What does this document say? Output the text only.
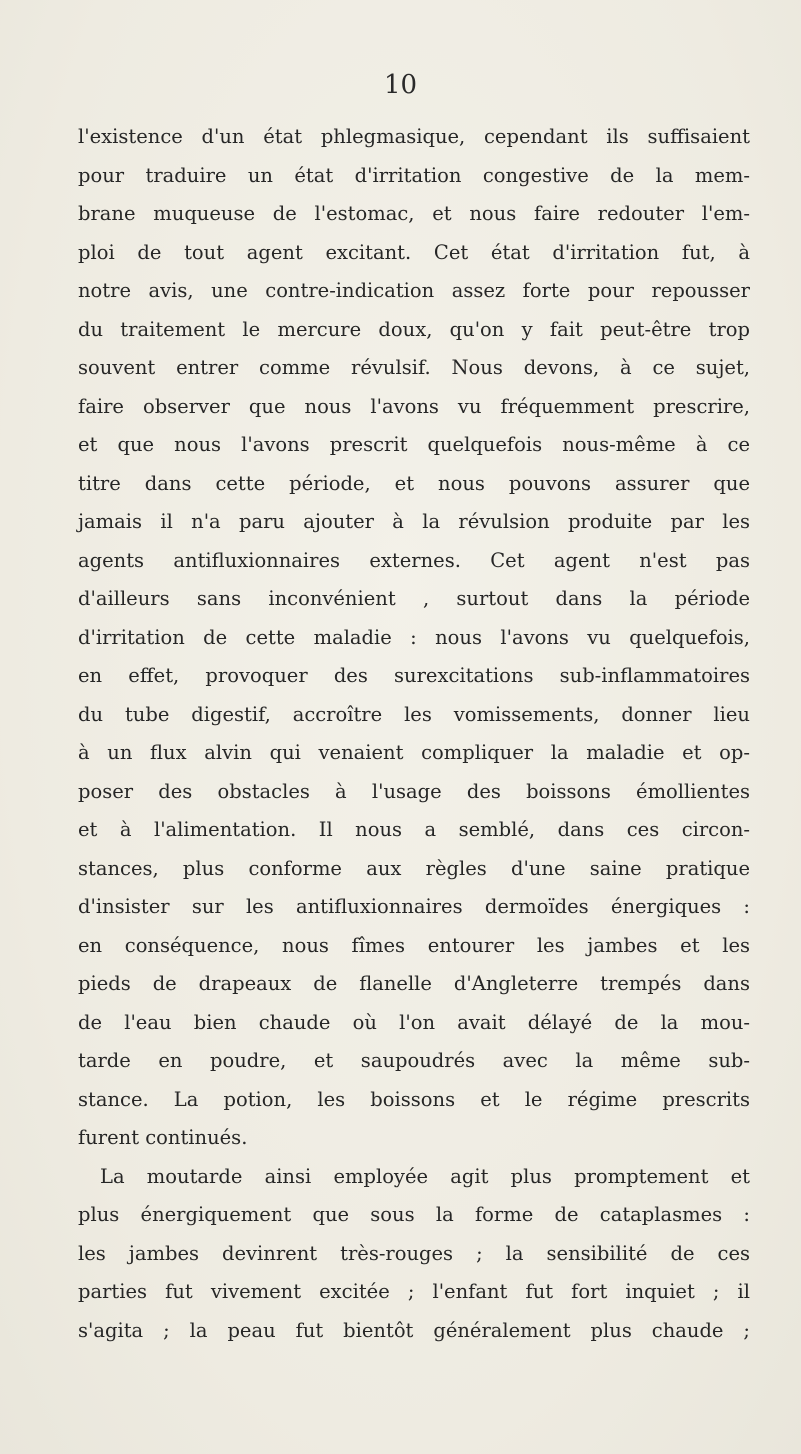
10
l'existence d'un état phlegmasique, cependant ils suffisaient
pour traduire un état d'irritation congestive de la mem-
brane muqueuse de l'estomac, et nous faire redouter l'em-
ploi de tout agent excitant. Cet état d'irritation fut, à
notre avis, une contre-indication assez forte pour repousser
du traitement le mercure doux, qu'on y fait peut-être trop
souvent entrer comme révulsif. Nous devons, à ce sujet,
faire observer que nous l'avons vu fréquemment prescrire,
et que nous l'avons prescrit quelquefois nous-même à ce
titre dans cette période, et nous pouvons assurer que
jamais il n'a paru ajouter à la révulsion produite par les
agents antifluxionnaires externes. Cet agent n'est pas
d'ailleurs sans inconvénient , surtout dans la période
d'irritation de cette maladie : nous l'avons vu quelquefois,
en effet, provoquer des surexcitations sub-inflammatoires
du tube digestif, accroître les vomissements, donner lieu
à un flux alvin qui venaient compliquer la maladie et op-
poser des obstacles à l'usage des boissons émollientes
et à l'alimentation. Il nous a semblé, dans ces circon-
stances, plus conforme aux règles d'une saine pratique
d'insister sur les antifluxionnaires dermoïdes énergiques :
en conséquence, nous fîmes entourer les jambes et les
pieds de drapeaux de flanelle d'Angleterre trempés dans
de l'eau bien chaude où l'on avait délayé de la mou-
tarde en poudre, et saupoudrés avec la même sub-
stance. La potion, les boissons et le régime prescrits
furent continués.
La moutarde ainsi employée agit plus promptement et
plus énergiquement que sous la forme de cataplasmes :
les jambes devinrent très-rouges ; la sensibilité de ces
parties fut vivement excitée ; l'enfant fut fort inquiet ; il
s'agita ; la peau fut bientôt généralement plus chaude ;
